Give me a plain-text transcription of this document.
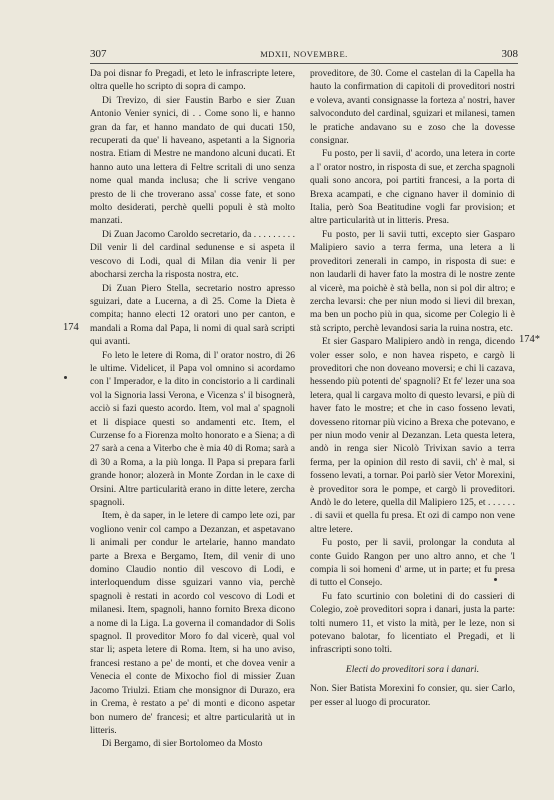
307	MDXII, NOVEMBRE.	308
174
174*

Da poi disnar fo Pregadi, et leto le infrascripte letere, oltra quelle ho scripto di sopra di campo.

Di Trevizo, di sier Faustin Barbo e sier Zuan Antonio Venier synici, di . . Come sono li, e hanno gran da far, et hanno mandato de qui ducati 150, recuperati da que' li haveano, aspetanti a la Signoria nostra. Etiam di Mestre ne mandono alcuni ducati. Et hanno auto una lettera di Feltre scritali di uno senza nome qual manda inclusa; che li scrive vengano presto de li che troverano assa' cosse fate, et sono molto desiderati, perchè quelli populi è stà molto manzati.

Di Zuan Jacomo Caroldo secretario, da . . . . . . . . . Dil venir li del cardinal sedunense e si aspeta il vescovo di Lodi, qual di Milan dia venir li per abocharsi zercha la risposta nostra, etc.

Di Zuan Piero Stella, secretario nostro apresso sguizari, date a Lucerna, a dì 25. Come la Dieta è compita; hanno electi 12 oratori uno per canton, e mandali a Roma dal Papa, li nomi di qual sarà scripti qui avanti.

Fo leto le letere di Roma, di l' orator nostro, di 26 le ultime. Videlicet, il Papa vol omnino si acordamo con l' Imperador, e la dito in concistorio a li cardinali vol la Signoria lassi Verona, e Vicenza s' il bisognerà, acciò si fazi questo acordo. Item, vol mal a' spagnoli et li dispiace questi so andamenti etc. Item, el Curzense fo a Fiorenza molto honorato e a Siena; a dì 27 sarà a cena a Viterbo che è mia 40 di Roma; sarà a dì 30 a Roma, a la più longa. Il Papa si prepara farli grande honor; alozerà in Monte Zordan in le caxe di Orsini. Altre particularità erano in ditte letere, zercha spagnoli.

Item, è da saper, in le letere di campo lete ozi, par vogliono venir col campo a Dezanzan, et aspetavano li animali per condur le artelarie, hanno mandato parte a Brexa e Bergamo, Item, dil venir di uno domino Claudio nontio dil vescovo di Lodi, e interloquendum disse sguizari vanno via, perchè spagnoli è restati in acordo col vescovo di Lodi et milanesi. Item, spagnoli, hanno fornito Brexa dicono a nome di la Liga. La governa il comandador di Solis spagnol. Il proveditor Moro fo dal vicerè, qual vol star li; aspeta letere di Roma. Item, si ha uno aviso, francesi restano a pe' de monti, et che dovea venir a Venecia el conte de Mixocho fiol di missier Zuan Jacomo Triulzi. Etiam che monsignor di Durazo, era in Crema, è restato a pe' di monti e dicono aspetar bon numero de' francesi; et altre particularità ut in litteris.

Di Bergamo, di sier Bortolomeo da Mosto

proveditore, de 30. Come el castelan di la Capella ha hauto la confirmation di capitoli di proveditori nostri e voleva, avanti consignasse la forteza a' nostri, haver salvoconduto del cardinal, sguizari et milanesi, tamen le pratiche andavano su e zoso che la dovesse consignar.

Fu posto, per li savii, d' acordo, una letera in corte a l' orator nostro, in risposta di sue, et zercha spagnoli quali sono ancora, poi partiti francesi, a la porta di Brexa acampati, e che cignano haver il dominio di Italia, però Soa Beatitudine vogli far provision; et altre particularità ut in litteris. Presa.

Fu posto, per li savii tutti, excepto sier Gasparo Malipiero savio a terra ferma, una letera a li proveditori zenerali in campo, in risposta di sue: e non laudarli di haver fato la mostra di le nostre zente al vicerè, ma poichè è stà bella, non si pol dir altro; e zercha levarsi: che per niun modo si lievi dil brexan, ma ben un pocho più in qua, sicome per Colegio li è stà scripto, perchè levandosi saria la ruina nostra, etc.

Et sier Gasparo Malipiero andò in renga, dicendo voler esser solo, e non havea rispeto, e cargò li proveditori che non doveano moversi; e chi li cazava, hessendo più potenti de' spagnoli? Et fe' lezer una soa letera, qual li cargava molto di questo levarsi, e più di haver fato le mostre; et che in caso fosseno levati, dovesseno ritornar più vicino a Brexa che potevano, e per niun modo venir al Dezanzan. Leta questa letera, andò in renga sier Nicolò Trivixan savio a terra ferma, per la opinion dil resto di savii, ch' è mal, si fosseno levati, a tornar. Poi parlò sier Vetor Morexini, è proveditor sora le pompe, et cargò li proveditori. Andò le do letere, quella dil Malipiero 125, et . . . . . . . di savii et quella fu presa. Et ozi di campo non vene altre letere.

Fu posto, per li savii, prolongar la conduta al conte Guido Rangon per uno altro anno, et che 'l compia li soi homeni d' arme, ut in parte; et fu presa di tutto el Consejo.

Fu fato scurtinio con boletini di do cassieri di Colegio, zoè proveditori sopra i danari, justa la parte: tolti numero 11, et visto la mità, per le leze, non si potevano balotar, fo licentiato el Pregadi, et li infrascripti sono tolti.

Electi do proveditori sora i danari.

Non. Sier Batista Morexini fo consier, qu. sier Carlo, per esser al luogo di procurator.
